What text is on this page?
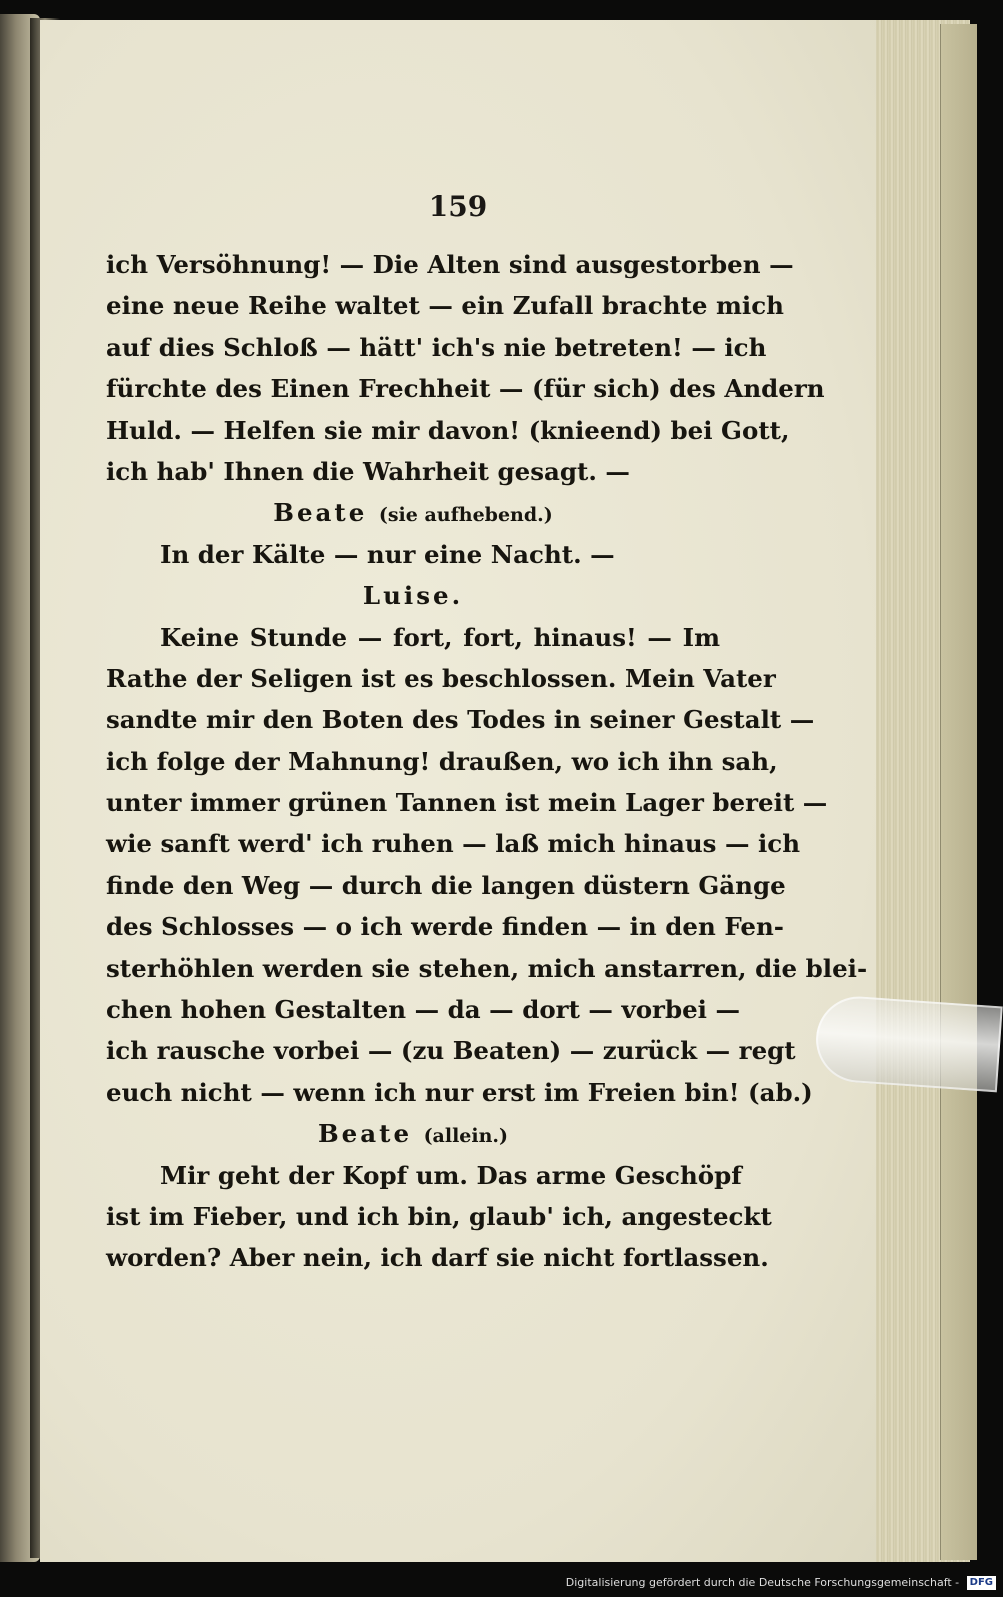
159
ich Versöhnung! — Die Alten sind ausgestorben —
eine neue Reihe waltet — ein Zufall brachte mich
auf dies Schloß — hätt' ich's nie betreten! — ich
fürchte des Einen Frechheit — (für sich) des Andern
Huld. — Helfen sie mir davon! (knieend) bei Gott,
ich hab' Ihnen die Wahrheit gesagt. —
Beate (sie aufhebend.)
In der Kälte — nur eine Nacht. —
Luise.
Keine Stunde — fort, fort, hinaus! — Im
Rathe der Seligen ist es beschlossen. Mein Vater
sandte mir den Boten des Todes in seiner Gestalt —
ich folge der Mahnung! draußen, wo ich ihn sah,
unter immer grünen Tannen ist mein Lager bereit —
wie sanft werd' ich ruhen — laß mich hinaus — ich
finde den Weg — durch die langen düstern Gänge
des Schlosses — o ich werde finden — in den Fen-
sterhöhlen werden sie stehen, mich anstarren, die blei-
chen hohen Gestalten — da — dort — vorbei —
ich rausche vorbei — (zu Beaten) — zurück — regt
euch nicht — wenn ich nur erst im Freien bin! (ab.)
Beate (allein.)
Mir geht der Kopf um. Das arme Geschöpf
ist im Fieber, und ich bin, glaub' ich, angesteckt
worden? Aber nein, ich darf sie nicht fortlassen.
Digitalisierung gefördert durch die Deutsche Forschungsgemeinschaft - DFG
